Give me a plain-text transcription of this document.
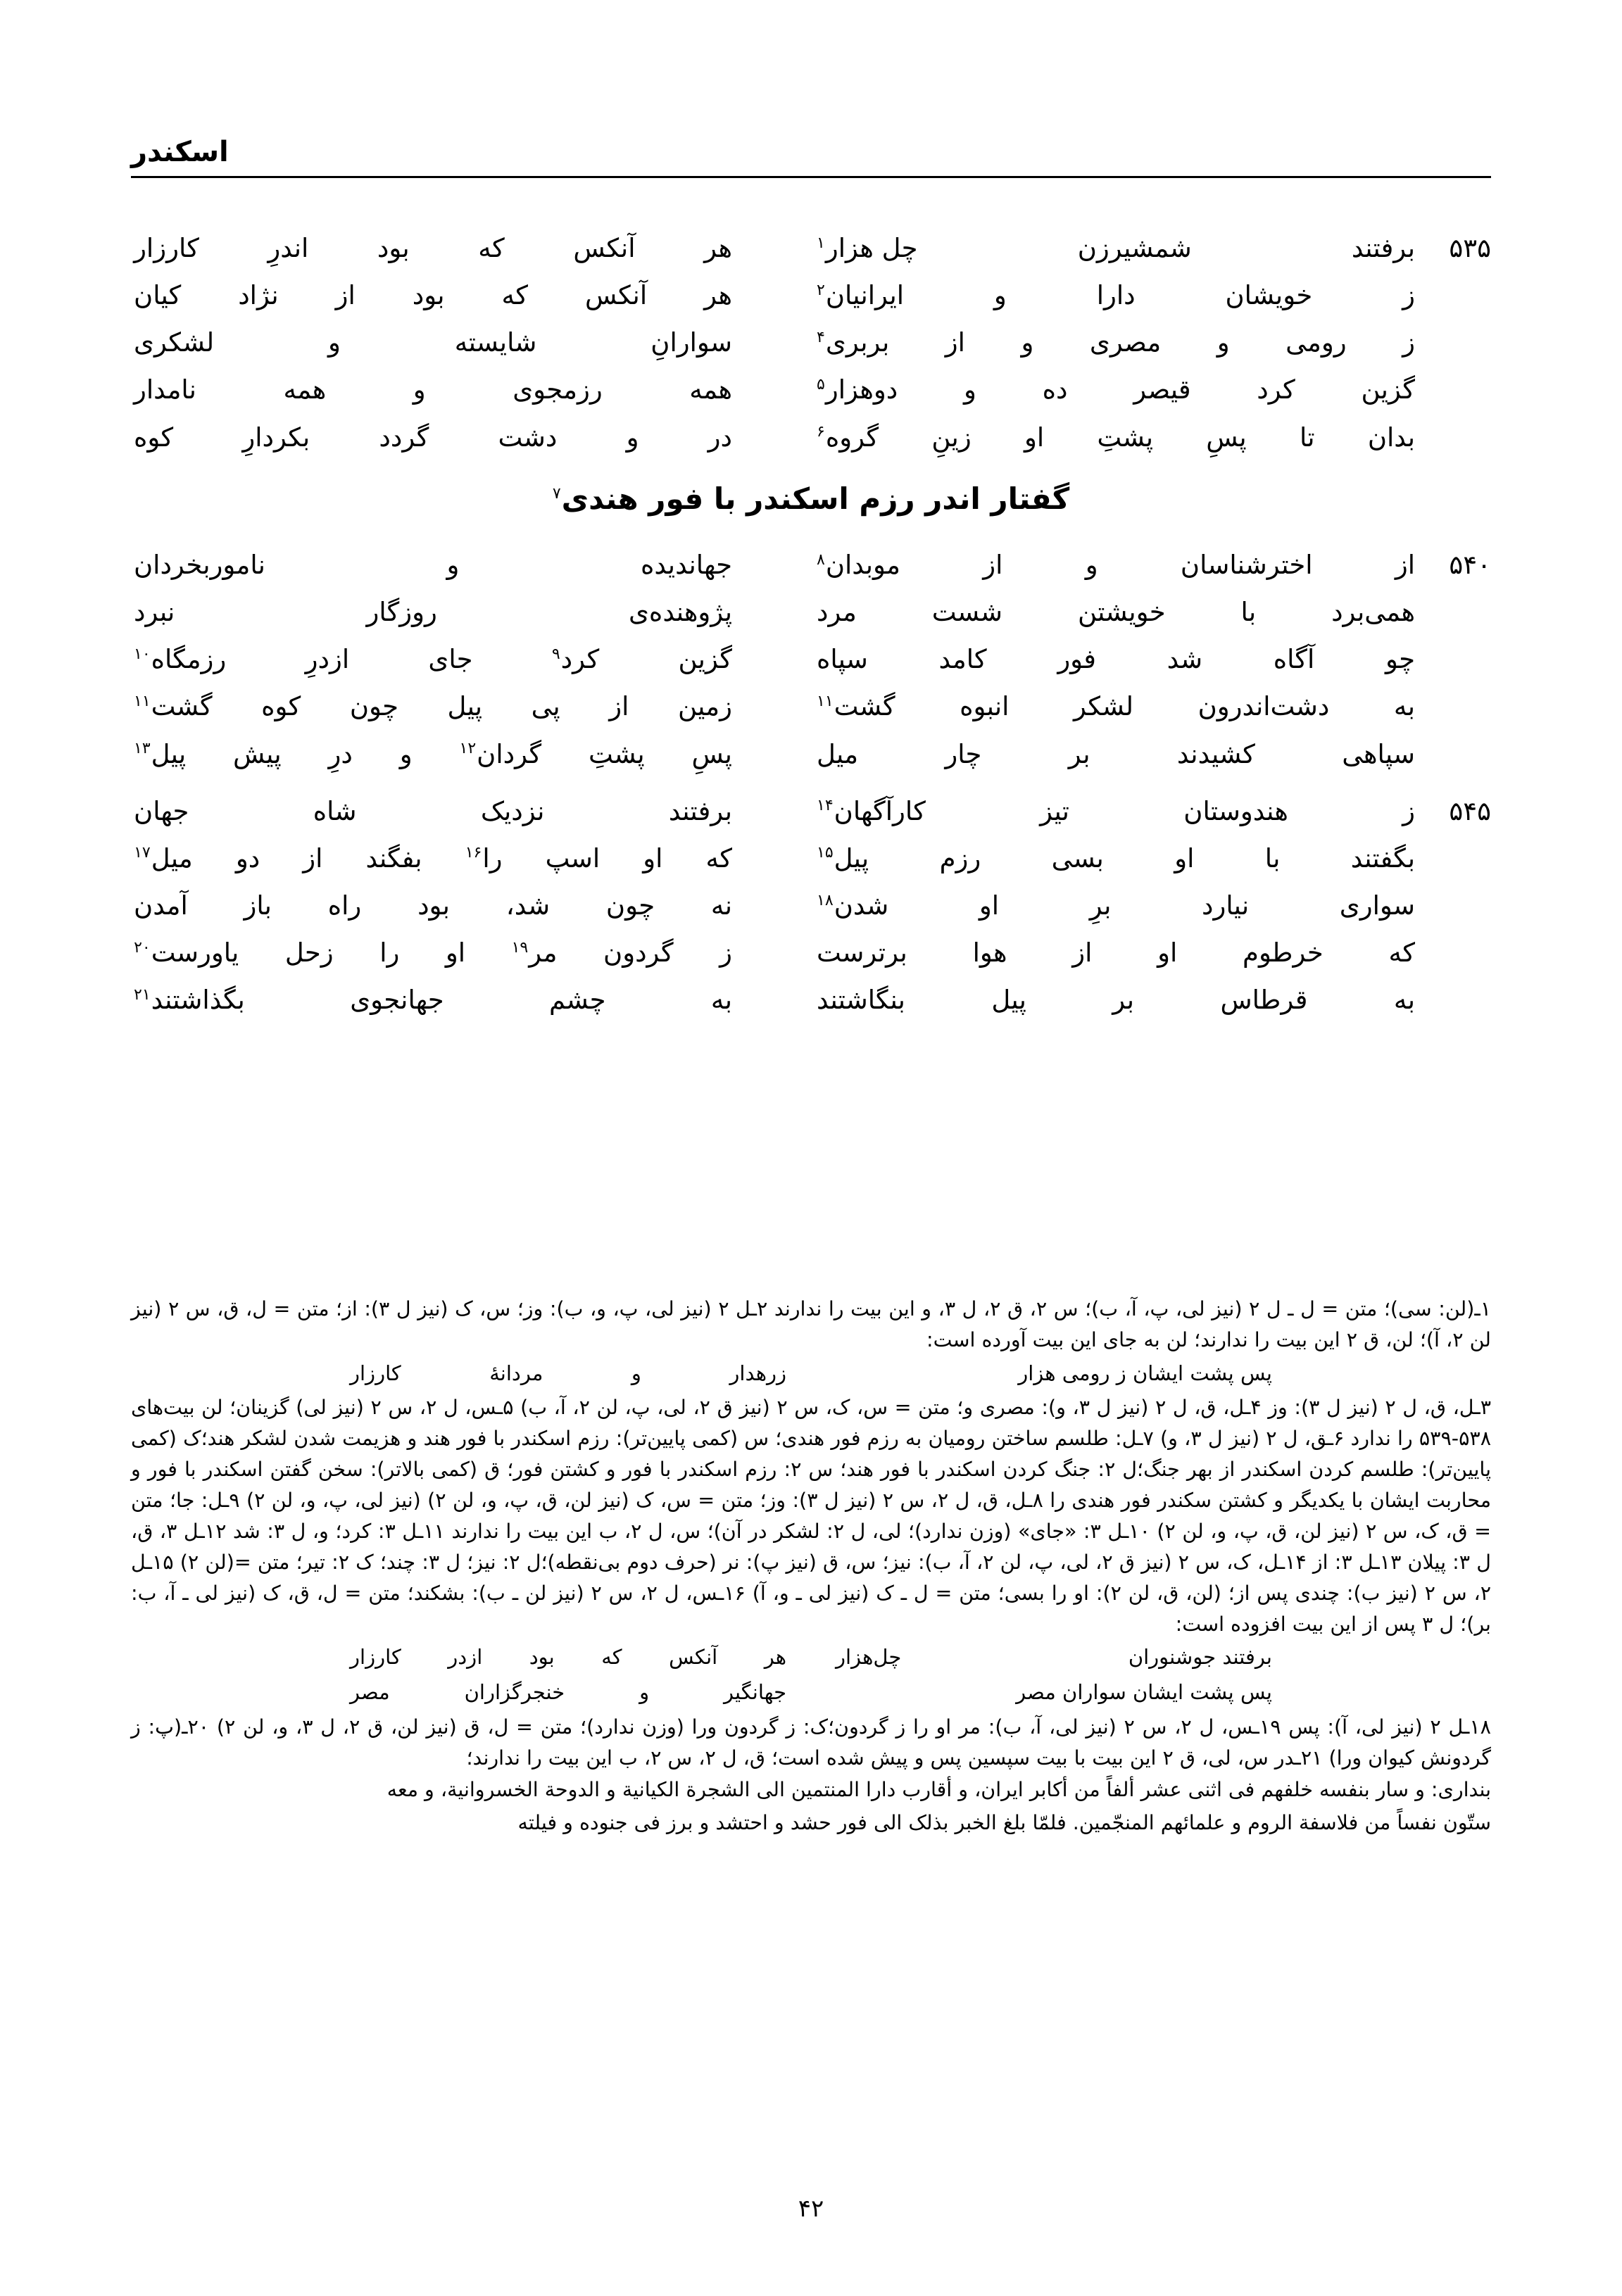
اسکندر
۵۳۵
برفتند
شمشیرزن
چل هزار$^۱$
هر
آنکس
که
بود
اندرِ
کارزار
ز
خویشان
دارا
و
ایرانیان$^۲$
هر
آنکس
که
بود
از
نژاد
کیان
ز
رومی
و
مصری
و
از
بربری$^۴$
سوارانِ
شایسته
و
لشکری
گزین
کرد
قیصر
ده
و
دوهزار$^۵$
همه
رزمجوی
و
همه
نامدار
بدان
تا
پسِ
پشتِ
او
زینِ
گروه$^۶$
در
و
دشت
گردد
بکردارِ
کوه
گفتار اندر رزم اسکندر با فور هندی$^۷$
۵۴۰
از
اخترشناسان
و
از
موبدان$^۸$
جهاندیده
و
ناموربخردان
همی‌برد
با
خویشتن
شست
مرد
پژوهنده‌ی
روزگار
نبرد
چو
آگاه
شد
فور
کامد
سپاه
گزین
کرد$^۹$
جای
ازدرِ
رزمگاه$^{۱۰}$
به
دشت‌اندرون
لشکر
انبوه
گشت$^{۱۱}$
زمین
از
پی
پیل
چون
کوه
گشت$^{۱۱}$
سپاهی
کشیدند
بر
چار
میل
پسِ
پشتِ
گردان$^{۱۲}$
و
درِ
پیش
پیل$^{۱۳}$
۵۴۵
ز
هندوستان
تیز
کارآگهان$^{۱۴}$
برفتند
نزدیک
شاه
جهان
بگفتند
با
او
بسی
رزم
پیل$^{۱۵}$
که
او
اسپ
را$^{۱۶}$
بفگند
از
دو
میل$^{۱۷}$
سواری
نیارد
برِ
او
شدن$^{۱۸}$
نه
چون
شد،
بود
راه
باز
آمدن
که
خرطوم
او
از
هوا
برترست
ز
گردون
مر$^{۱۹}$
او
را
زحل
یاورست$^{۲۰}$
به
قرطاس
بر
پیل
بنگاشتند
به
چشم
جهانجوی
بگذاشتند$^{۲۱}$

۱ـ(لن: سی)؛ متن = ل ـ ل ۲ (نیز لی، پ، آ، ب)؛ س ۲، ق ۲، ل ۳، و این بیت را ندارند ۲ـل ۲ (نیز لی، پ، و، ب): وز؛ س، ک (نیز ل ۳): از؛ متن = ل، ق، س ۲ (نیز لن ۲، آ)؛ لن، ق ۲ این بیت را ندارند؛ لن به جای این بیت آورده است:

پس پشت ایشان ز رومی هزار
زرهدار
و
مردانهٔ
کارزار

۳ـل، ق، ل ۲ (نیز ل ۳): وز ۴ـل، ق، ل ۲ (نیز ل ۳، و): مصری و؛ متن = س، ک، س ۲ (نیز ق ۲، لی، پ، لن ۲، آ، ب) ۵ـس، ل ۲، س ۲ (نیز لی) گزینان؛ لن بیت‌های ۵۳۸-۵۳۹ را ندارد ۶ـق، ل ۲ (نیز ل ۳، و) ۷ـل: طلسم ساختن رومیان به رزم فور هندی؛ س (کمی پایین‌تر): رزم اسکندر با فور هند و هزیمت شدن لشکر هند؛ک (کمی پایین‌تر): طلسم کردن اسکندر از بهر جنگ؛ل ۲: جنگ کردن اسکندر با فور هند؛ س ۲: رزم اسکندر با فور و کشتن فور؛ ق (کمی بالاتر): سخن گفتن اسکندر با فور و محاربت ایشان با یکدیگر و کشتن سکندر فور هندی را ۸ـل، ق، ل ۲، س ۲ (نیز ل ۳): وز؛ متن = س، ک (نیز لن، ق، پ، و، لن ۲) (نیز لی، پ، و، لن ۲) ۹ـل: جا؛ متن = ق، ک، س ۲ (نیز لن، ق، پ، و، لن ۲) ۱۰ـل ۳: «جای» (وزن ندارد)؛ لی، ل ۲: لشکر در آن)؛ س، ل ۲، ب این بیت را ندارند ۱۱ـل ۳: کرد؛ و، ل ۳: شد ۱۲ـل ۳، ق، ل ۳: پیلان ۱۳ـل ۳: از ۱۴ـل، ک، س ۲ (نیز ق ۲، لی، پ، لن ۲، آ، ب): نیز؛ س، ق (نیز پ): نر (حرف دوم بی‌نقطه)؛ل ۲: نیز؛ ل ۳: چند؛ ک ۲: تیر؛ متن =(لن ۲) ۱۵ـل ۲، س ۲ (نیز ب): چندی پس از؛ (لن، ق، لن ۲): او را بسی؛ متن = ل ـ ک (نیز لی ـ و، آ) ۱۶ـس، ل ۲، س ۲ (نیز لن ـ ب): بشکند؛ متن = ل، ق، ک (نیز لی ـ آ، ب: بر)؛ ل ۳ پس از این بیت افزوده است:

برفتند جوشنوران
چل‌هزار
هر
آنکس
که
بود
ازدر
کارزار
پس پشت ایشان سواران مصر
جهانگیر
و
خنجرگزاران
مصر

۱۸ـل ۲ (نیز لی، آ): پس ۱۹ـس، ل ۲، س ۲ (نیز لی، آ، ب): مر او را ز گردون؛ک: ز گردون ورا (وزن ندارد)؛ متن = ل، ق (نیز لن، ق ۲، ل ۳، و، لن ۲) ۲۰ـ(پ: ز گردونش کیوان ورا) ۲۱ـدر س، لی، ق ۲ این بیت با بیت سپسین پس و پیش شده است؛ ق، ل ۲، س ۲، ب این بیت را ندارند؛

بنداری: و سار بنفسه خلفهم فی اثنی عشر ألفاً من أکابر ایران، و أقارب دارا المنتمین الی الشجرة الکیانیة و الدوحة الخسروانیة، و معه

ستّون نفساً من فلاسفة الروم و علمائهم المنجّمین. فلمّا بلغ الخبر بذلک الی فور حشد و احتشد و برز فی جنوده و فیلته

۴۲
